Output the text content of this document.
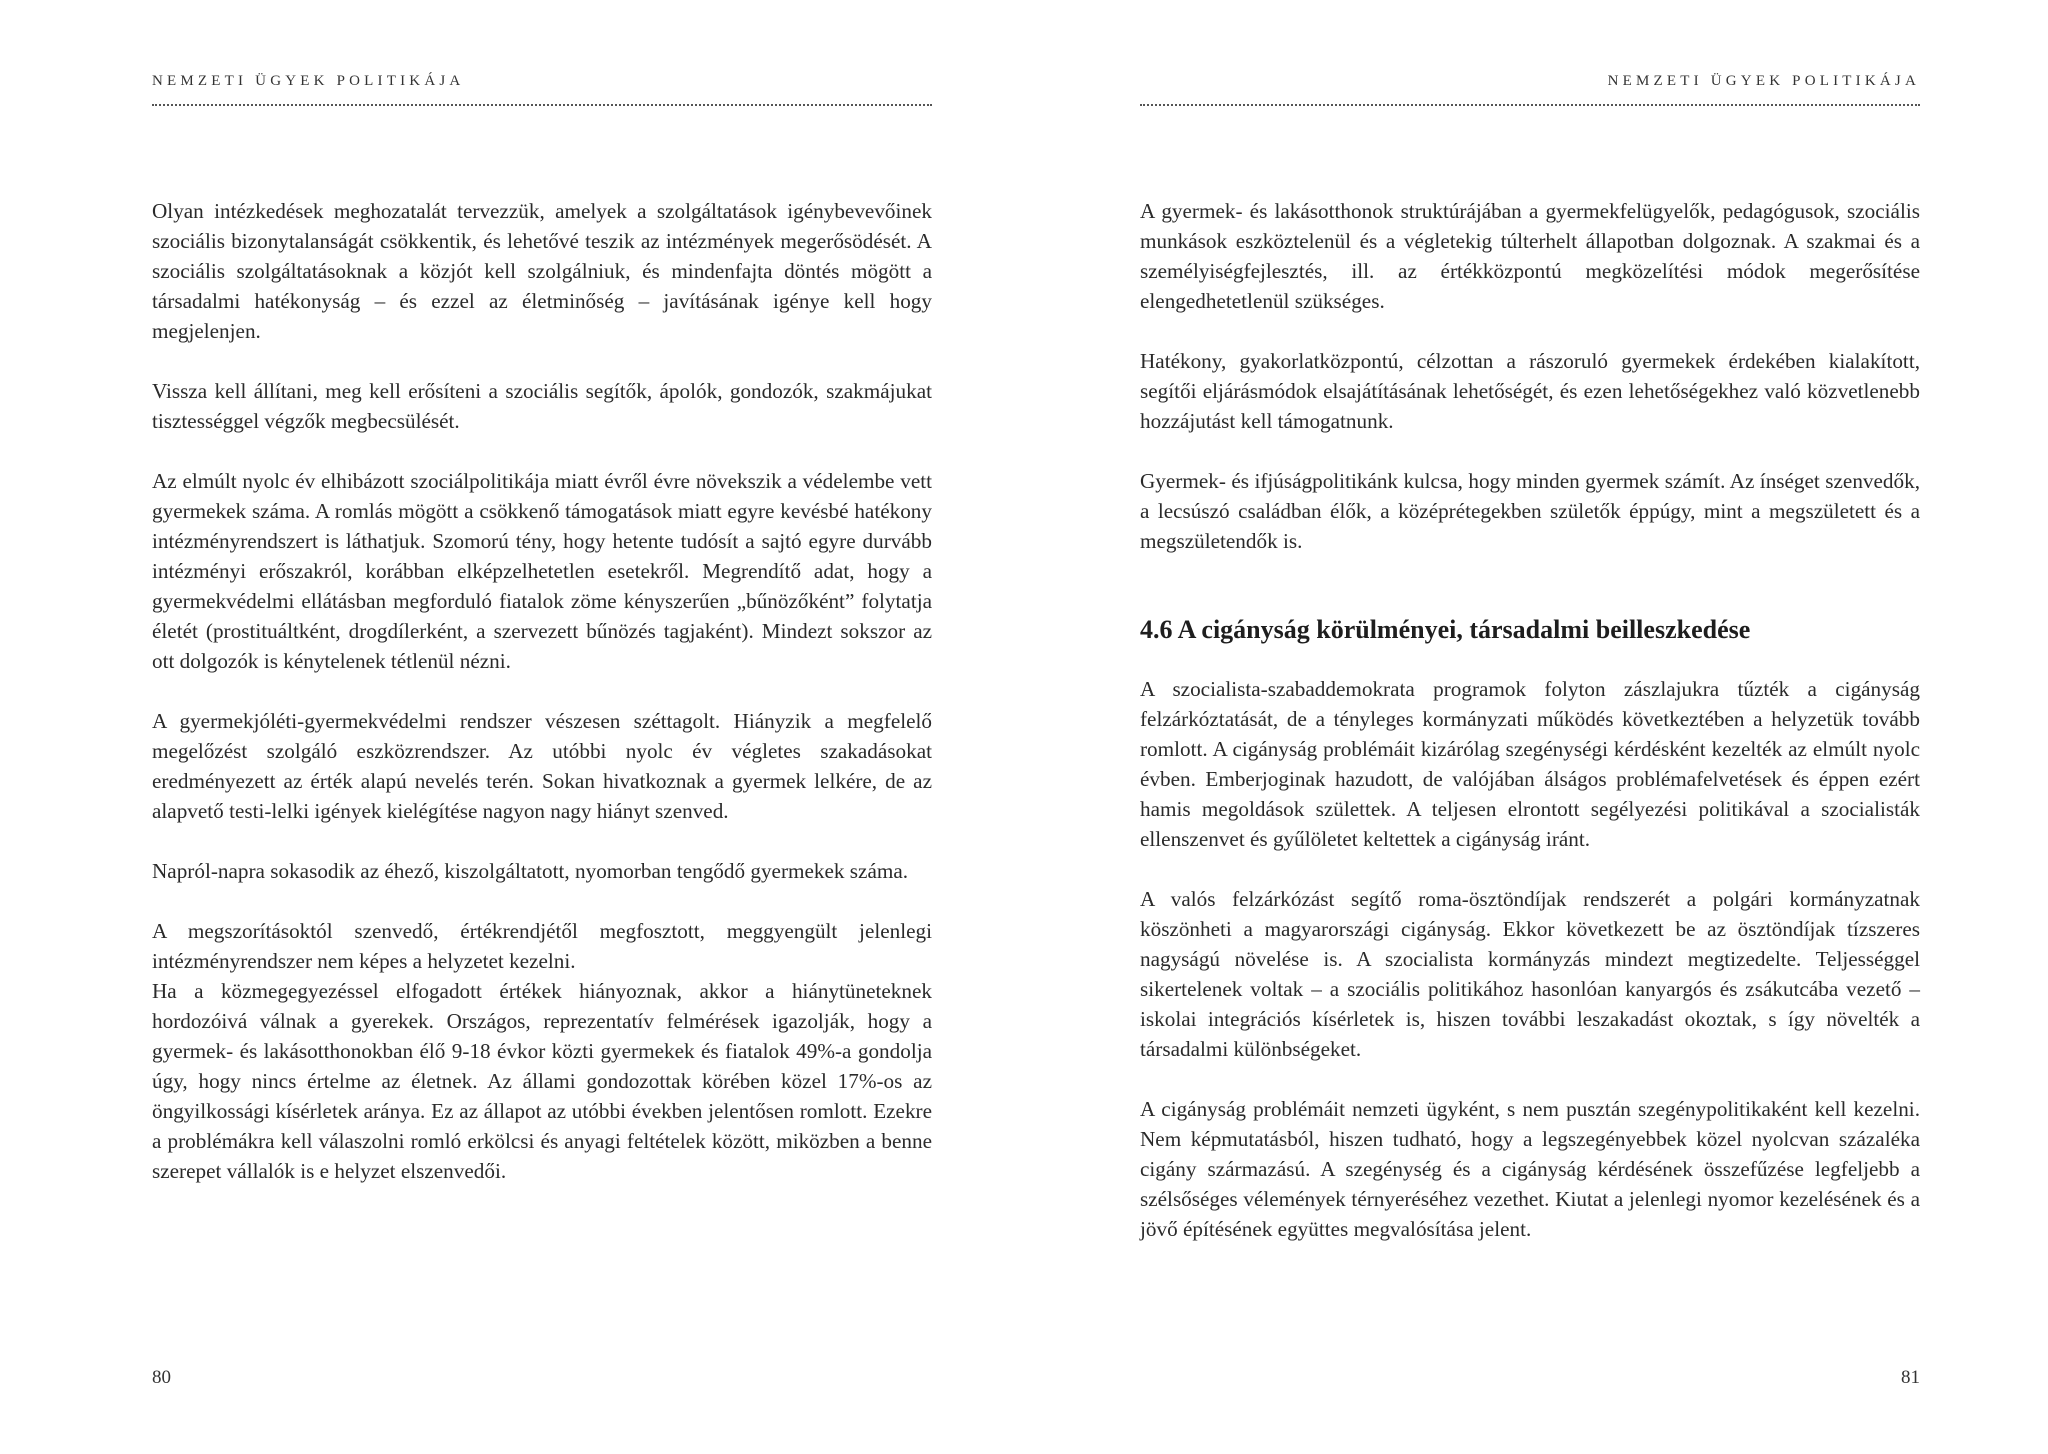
NEMZETI ÜGYEK POLITIKÁJA

Olyan intézkedések meghozatalát tervezzük, amelyek a szolgáltatások igénybevevőinek szociális bizonytalanságát csökkentik, és lehetővé teszik az intézmények megerősödését. A szociális szolgáltatásoknak a közjót kell szolgálniuk, és mindenfajta döntés mögött a társadalmi hatékonyság – és ezzel az életminőség – javításának igénye kell hogy megjelenjen.

Vissza kell állítani, meg kell erősíteni a szociális segítők, ápolók, gondozók, szakmájukat tisztességgel végzők megbecsülését.

Az elmúlt nyolc év elhibázott szociálpolitikája miatt évről évre növekszik a védelembe vett gyermekek száma. A romlás mögött a csökkenő támogatások miatt egyre kevésbé hatékony intézményrendszert is láthatjuk. Szomorú tény, hogy hetente tudósít a sajtó egyre durvább intézményi erőszakról, korábban elképzelhetetlen esetekről. Megrendítő adat, hogy a gyermekvédelmi ellátásban megforduló fiatalok zöme kényszerűen „bűnözőként” folytatja életét (prostituáltként, drogdílerként, a szervezett bűnözés tagjaként). Mindezt sokszor az ott dolgozók is kénytelenek tétlenül nézni.

A gyermekjóléti-gyermekvédelmi rendszer vészesen széttagolt. Hiányzik a megfelelő megelőzést szolgáló eszközrendszer. Az utóbbi nyolc év végletes szakadásokat eredményezett az érték alapú nevelés terén. Sokan hivatkoznak a gyermek lelkére, de az alapvető testi-lelki igények kielégítése nagyon nagy hiányt szenved.

Napról-napra sokasodik az éhező, kiszolgáltatott, nyomorban tengődő gyermekek száma.

A megszorításoktól szenvedő, értékrendjétől megfosztott, meggyengült jelenlegi intézményrendszer nem képes a helyzetet kezelni.

Ha a közmegegyezéssel elfogadott értékek hiányoznak, akkor a hiánytüneteknek hordozóivá válnak a gyerekek. Országos, reprezentatív felmérések igazolják, hogy a gyermek- és lakásotthonokban élő 9-18 évkor közti gyermekek és fiatalok 49%-a gondolja úgy, hogy nincs értelme az életnek. Az állami gondozottak körében közel 17%-os az öngyilkossági kísérletek aránya. Ez az állapot az utóbbi években jelentősen romlott. Ezekre a problémákra kell válaszolni romló erkölcsi és anyagi feltételek között, miközben a benne szerepet vállalók is e helyzet elszenvedői.

80
NEMZETI ÜGYEK POLITIKÁJA

A gyermek- és lakásotthonok struktúrájában a gyermekfelügyelők, pedagógusok, szociális munkások eszköztelenül és a végletekig túlterhelt állapotban dolgoznak. A szakmai és a személyiségfejlesztés, ill. az értékközpontú megközelítési módok megerősítése elengedhetetlenül szükséges.

Hatékony, gyakorlatközpontú, célzottan a rászoruló gyermekek érdekében kialakított, segítői eljárásmódok elsajátításának lehetőségét, és ezen lehetőségekhez való közvetlenebb hozzájutást kell támogatnunk.

Gyermek- és ifjúságpolitikánk kulcsa, hogy minden gyermek számít. Az ínséget szenvedők, a lecsúszó családban élők, a középrétegekben születők éppúgy, mint a megszületett és a megszületendők is.

4.6 A cigányság körülményei, társadalmi beilleszkedése

A szocialista-szabaddemokrata programok folyton zászlajukra tűzték a cigányság felzárkóztatását, de a tényleges kormányzati működés következtében a helyzetük tovább romlott. A cigányság problémáit kizárólag szegénységi kérdésként kezelték az elmúlt nyolc évben. Emberjoginak hazudott, de valójában álságos problémafelvetések és éppen ezért hamis megoldások születtek. A teljesen elrontott segélyezési politikával a szocialisták ellenszenvet és gyűlöletet keltettek a cigányság iránt.

A valós felzárkózást segítő roma-ösztöndíjak rendszerét a polgári kormányzatnak köszönheti a magyarországi cigányság. Ekkor következett be az ösztöndíjak tízszeres nagyságú növelése is. A szocialista kormányzás mindezt megtizedelte. Teljességgel sikertelenek voltak – a szociális politikához hasonlóan kanyargós és zsákutcába vezető – iskolai integrációs kísérletek is, hiszen további leszakadást okoztak, s így növelték a társadalmi különbségeket.

A cigányság problémáit nemzeti ügyként, s nem pusztán szegénypolitikaként kell kezelni. Nem képmutatásból, hiszen tudható, hogy a legszegényebbek közel nyolcvan százaléka cigány származású. A szegénység és a cigányság kérdésének összefűzése legfeljebb a szélsőséges vélemények térnyeréséhez vezethet. Kiutat a jelenlegi nyomor kezelésének és a jövő építésének együttes megvalósítása jelent.

81
